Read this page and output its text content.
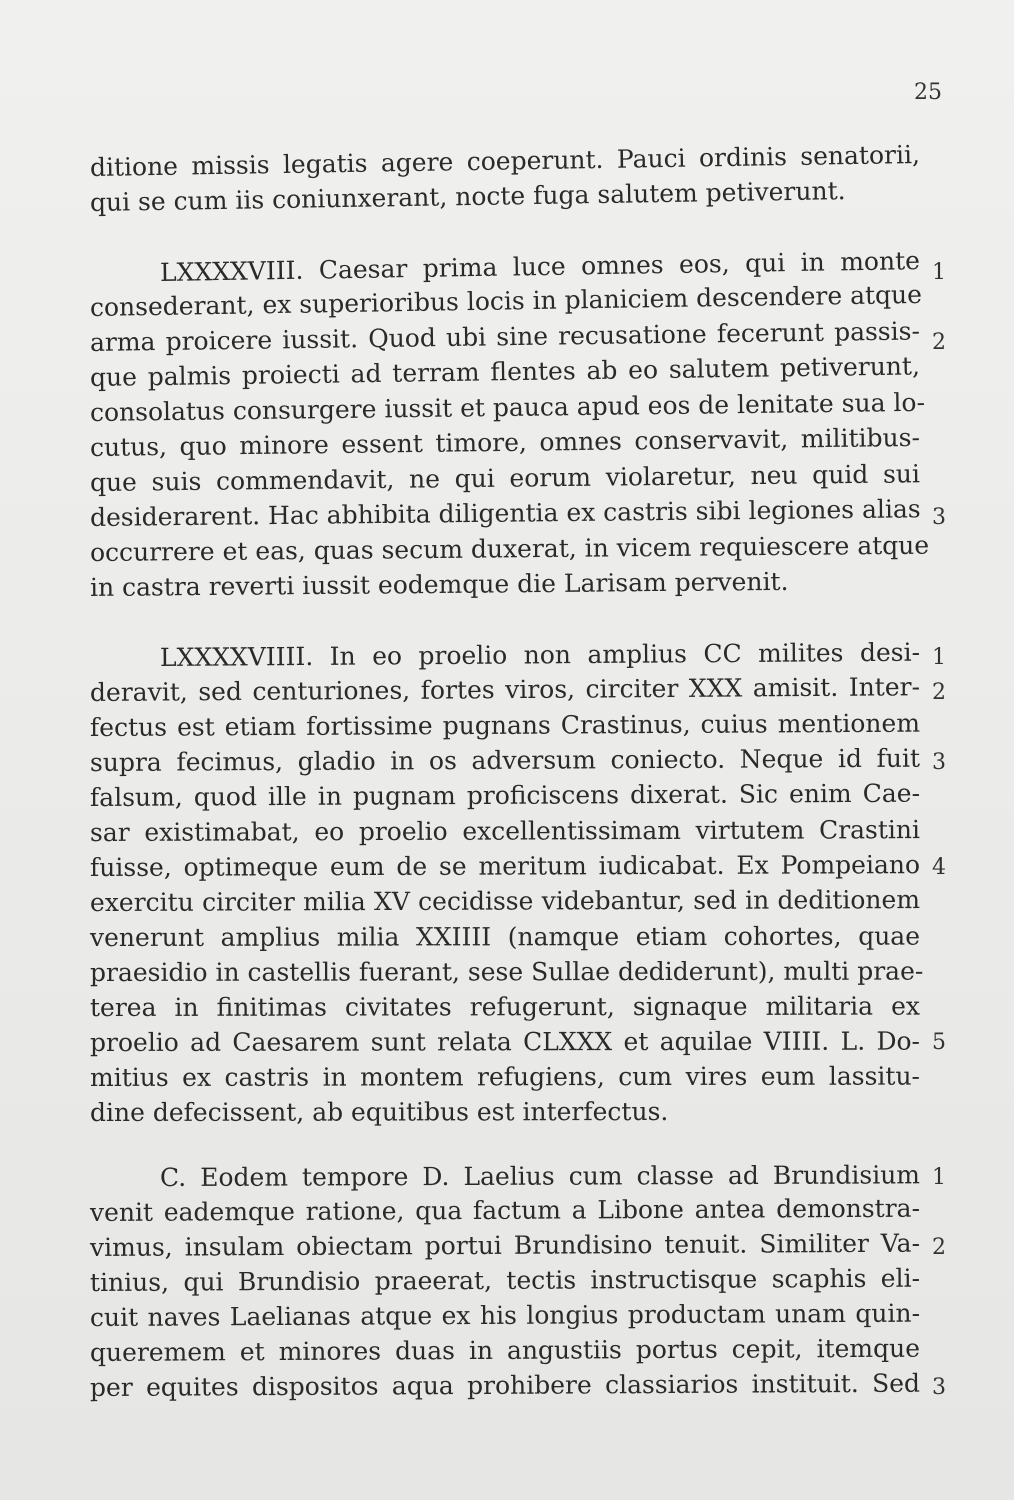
25
ditione missis legatis agere coeperunt. Pauci ordinis senatorii,
qui se cum iis coniunxerant, nocte fuga salutem petiverunt.
LXXXXVIII. Caesar prima luce omnes eos, qui in monte 1
consederant, ex superioribus locis in planiciem descendere atque
arma proicere iussit. Quod ubi sine recusatione fecerunt passis- 2
que palmis proiecti ad terram flentes ab eo salutem petiverunt,
consolatus consurgere iussit et pauca apud eos de lenitate sua lo-
cutus, quo minore essent timore, omnes conservavit, militibus-
que suis commendavit, ne qui eorum violaretur, neu quid sui
desiderarent. Hac abhibita diligentia ex castris sibi legiones alias 3
occurrere et eas, quas secum duxerat, in vicem requiescere atque
in castra reverti iussit eodemque die Larisam pervenit.
LXXXXVIIII. In eo proelio non amplius CC milites desi- 1
deravit, sed centuriones, fortes viros, circiter XXX amisit. Inter- 2
fectus est etiam fortissime pugnans Crastinus, cuius mentionem
supra fecimus, gladio in os adversum coniecto. Neque id fuit 3
falsum, quod ille in pugnam proficiscens dixerat. Sic enim Cae-
sar existimabat, eo proelio excellentissimam virtutem Crastini
fuisse, optimeque eum de se meritum iudicabat. Ex Pompeiano 4
exercitu circiter milia XV cecidisse videbantur, sed in deditionem
venerunt amplius milia XXIIII (namque etiam cohortes, quae
praesidio in castellis fuerant, sese Sullae dediderunt), multi prae-
terea in finitimas civitates refugerunt, signaque militaria ex
proelio ad Caesarem sunt relata CLXXX et aquilae VIIII. L. Do- 5
mitius ex castris in montem refugiens, cum vires eum lassitu-
dine defecissent, ab equitibus est interfectus.
C. Eodem tempore D. Laelius cum classe ad Brundisium 1
venit eademque ratione, qua factum a Libone antea demonstra-
vimus, insulam obiectam portui Brundisino tenuit. Similiter Va- 2
tinius, qui Brundisio praeerat, tectis instructisque scaphis eli-
cuit naves Laelianas atque ex his longius productam unam quin-
queremem et minores duas in angustiis portus cepit, itemque
per equites dispositos aqua prohibere classiarios instituit. Sed 3
